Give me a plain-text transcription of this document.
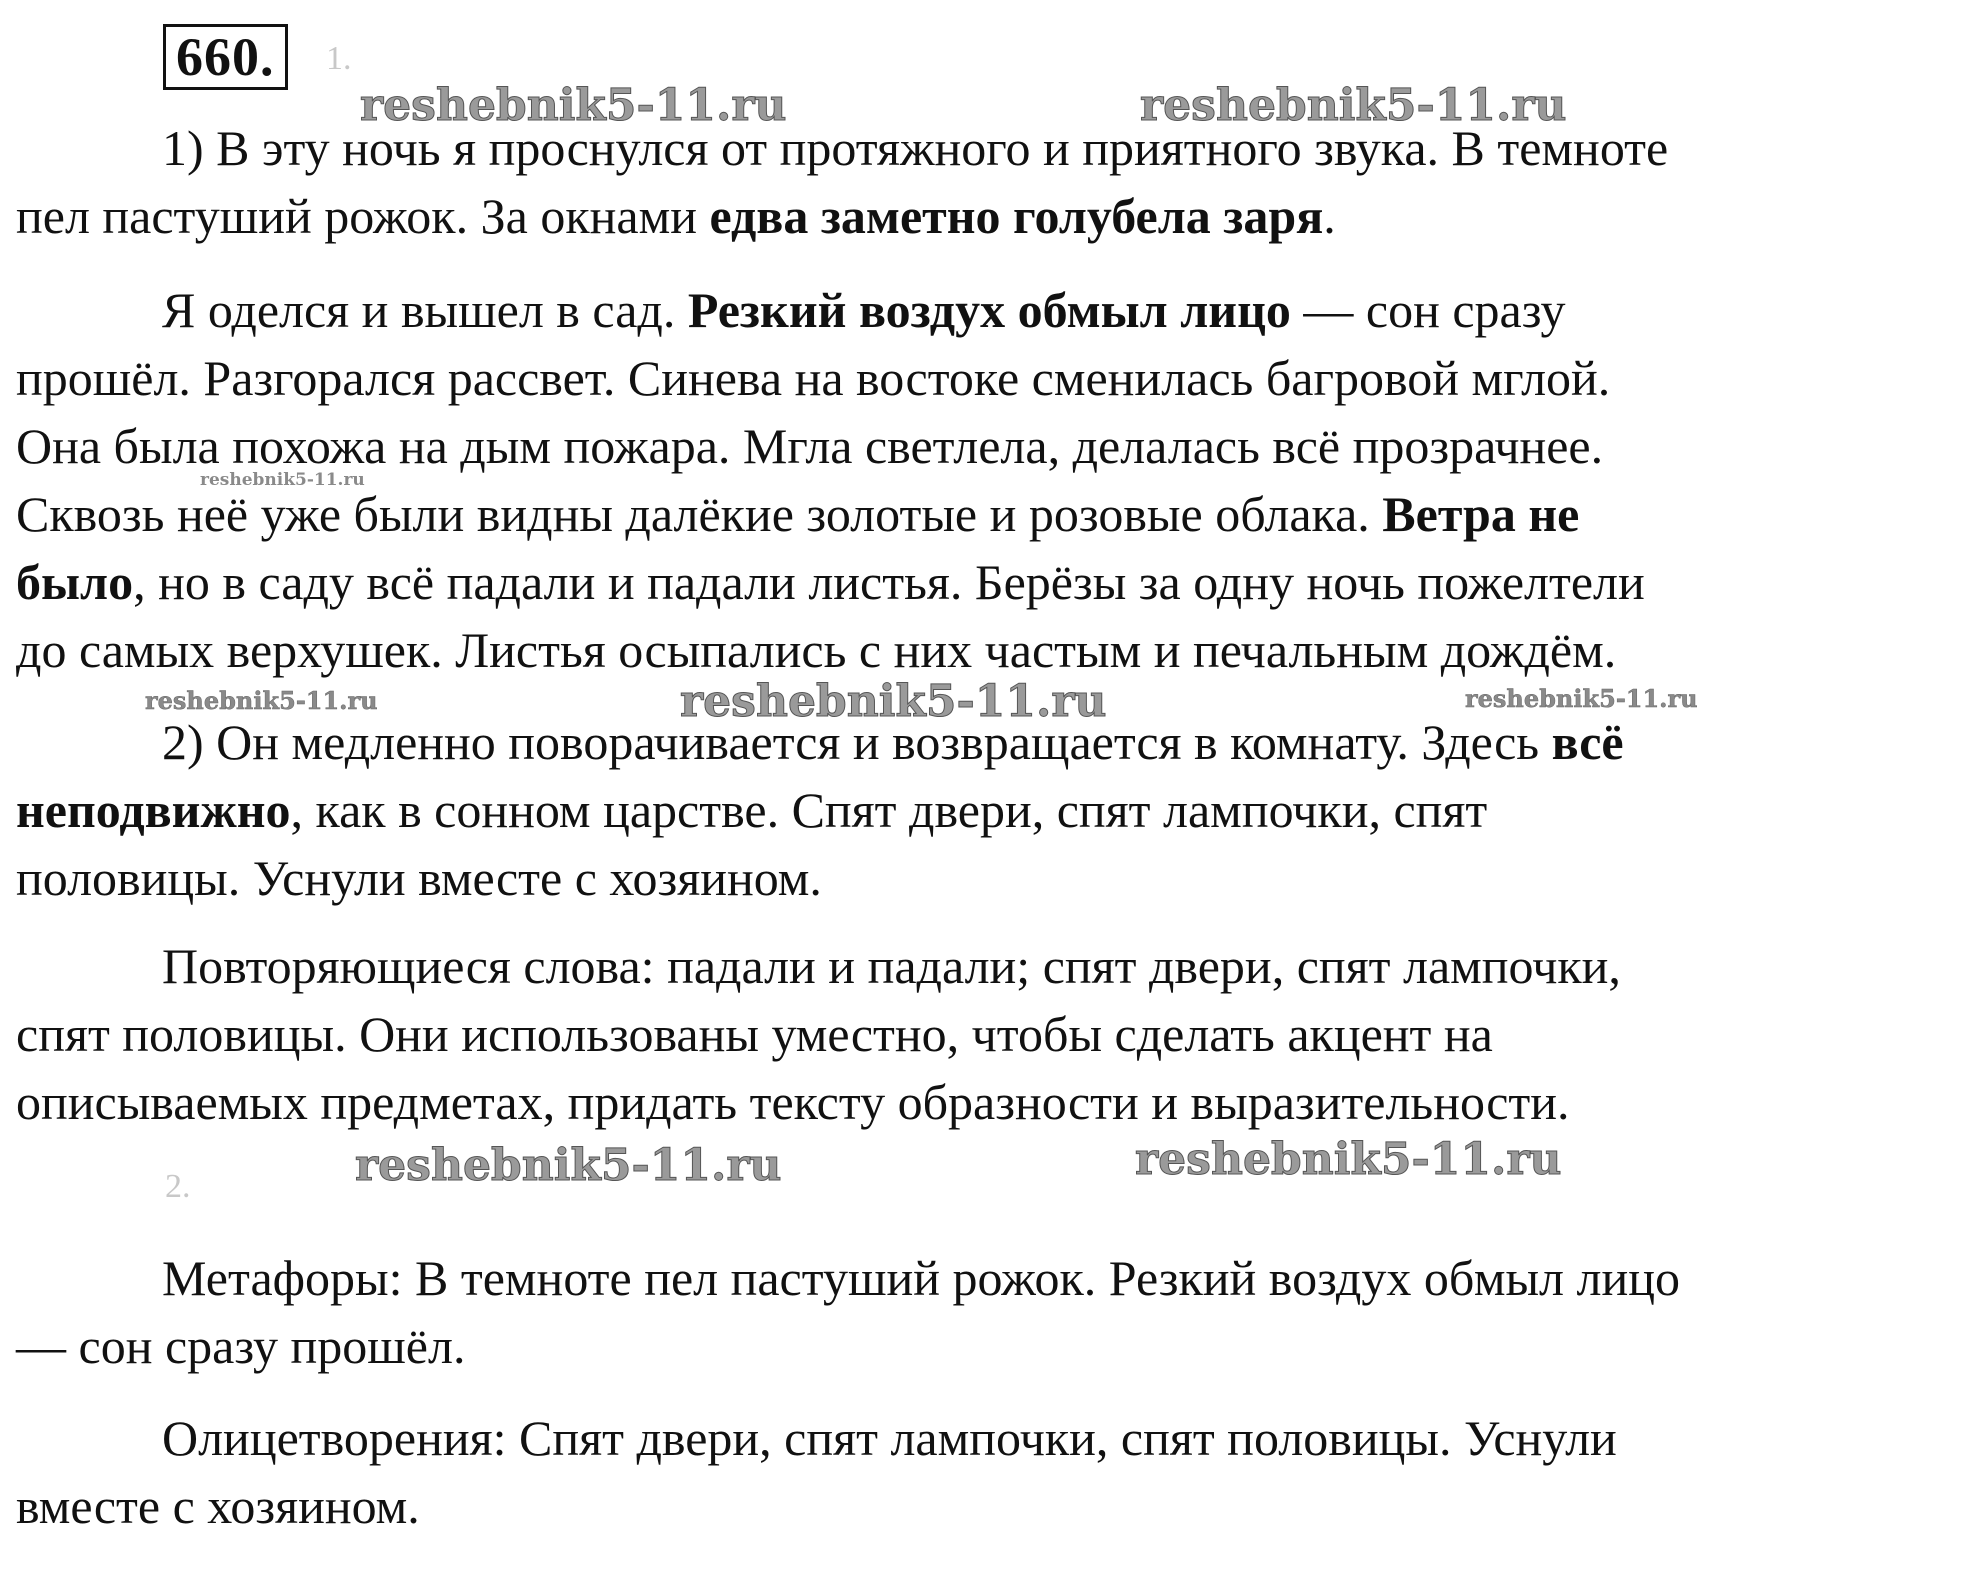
660.	1.
reshebnik5-11.ru	reshebnik5-11.ru
1) В эту ночь я проснулся от протяжного и приятного звука. В темноте
пел пастуший рожок. За окнами едва заметно голубела заря.
Я оделся и вышел в сад. Резкий воздух обмыл лицо — сон сразу
прошёл. Разгорался рассвет. Синева на востоке сменилась багровой мглой.
Она была похожа на дым пожара. Мгла светлела, делалась всё прозрачнее.
Сквозь неё уже были видны далёкие золотые и розовые облака. Ветра не
было, но в саду всё падали и падали листья. Берёзы за одну ночь пожелтели
до самых верхушек. Листья осыпались с них частым и печальным дождём.
reshebnik5-11.ru
reshebnik5-11.ru	reshebnik5-11.ru	reshebnik5-11.ru
2) Он медленно поворачивается и возвращается в комнату. Здесь всё
неподвижно, как в сонном царстве. Спят двери, спят лампочки, спят
половицы. Уснули вместе с хозяином.
Повторяющиеся слова: падали и падали; спят двери, спят лампочки,
спят половицы. Они использованы уместно, чтобы сделать акцент на
описываемых предметах, придать тексту образности и выразительности.
reshebnik5-11.ru	reshebnik5-11.ru
2.
Метафоры: В темноте пел пастуший рожок. Резкий воздух обмыл лицо
— сон сразу прошёл.
Олицетворения: Спят двери, спят лампочки, спят половицы. Уснули
вместе с хозяином.
